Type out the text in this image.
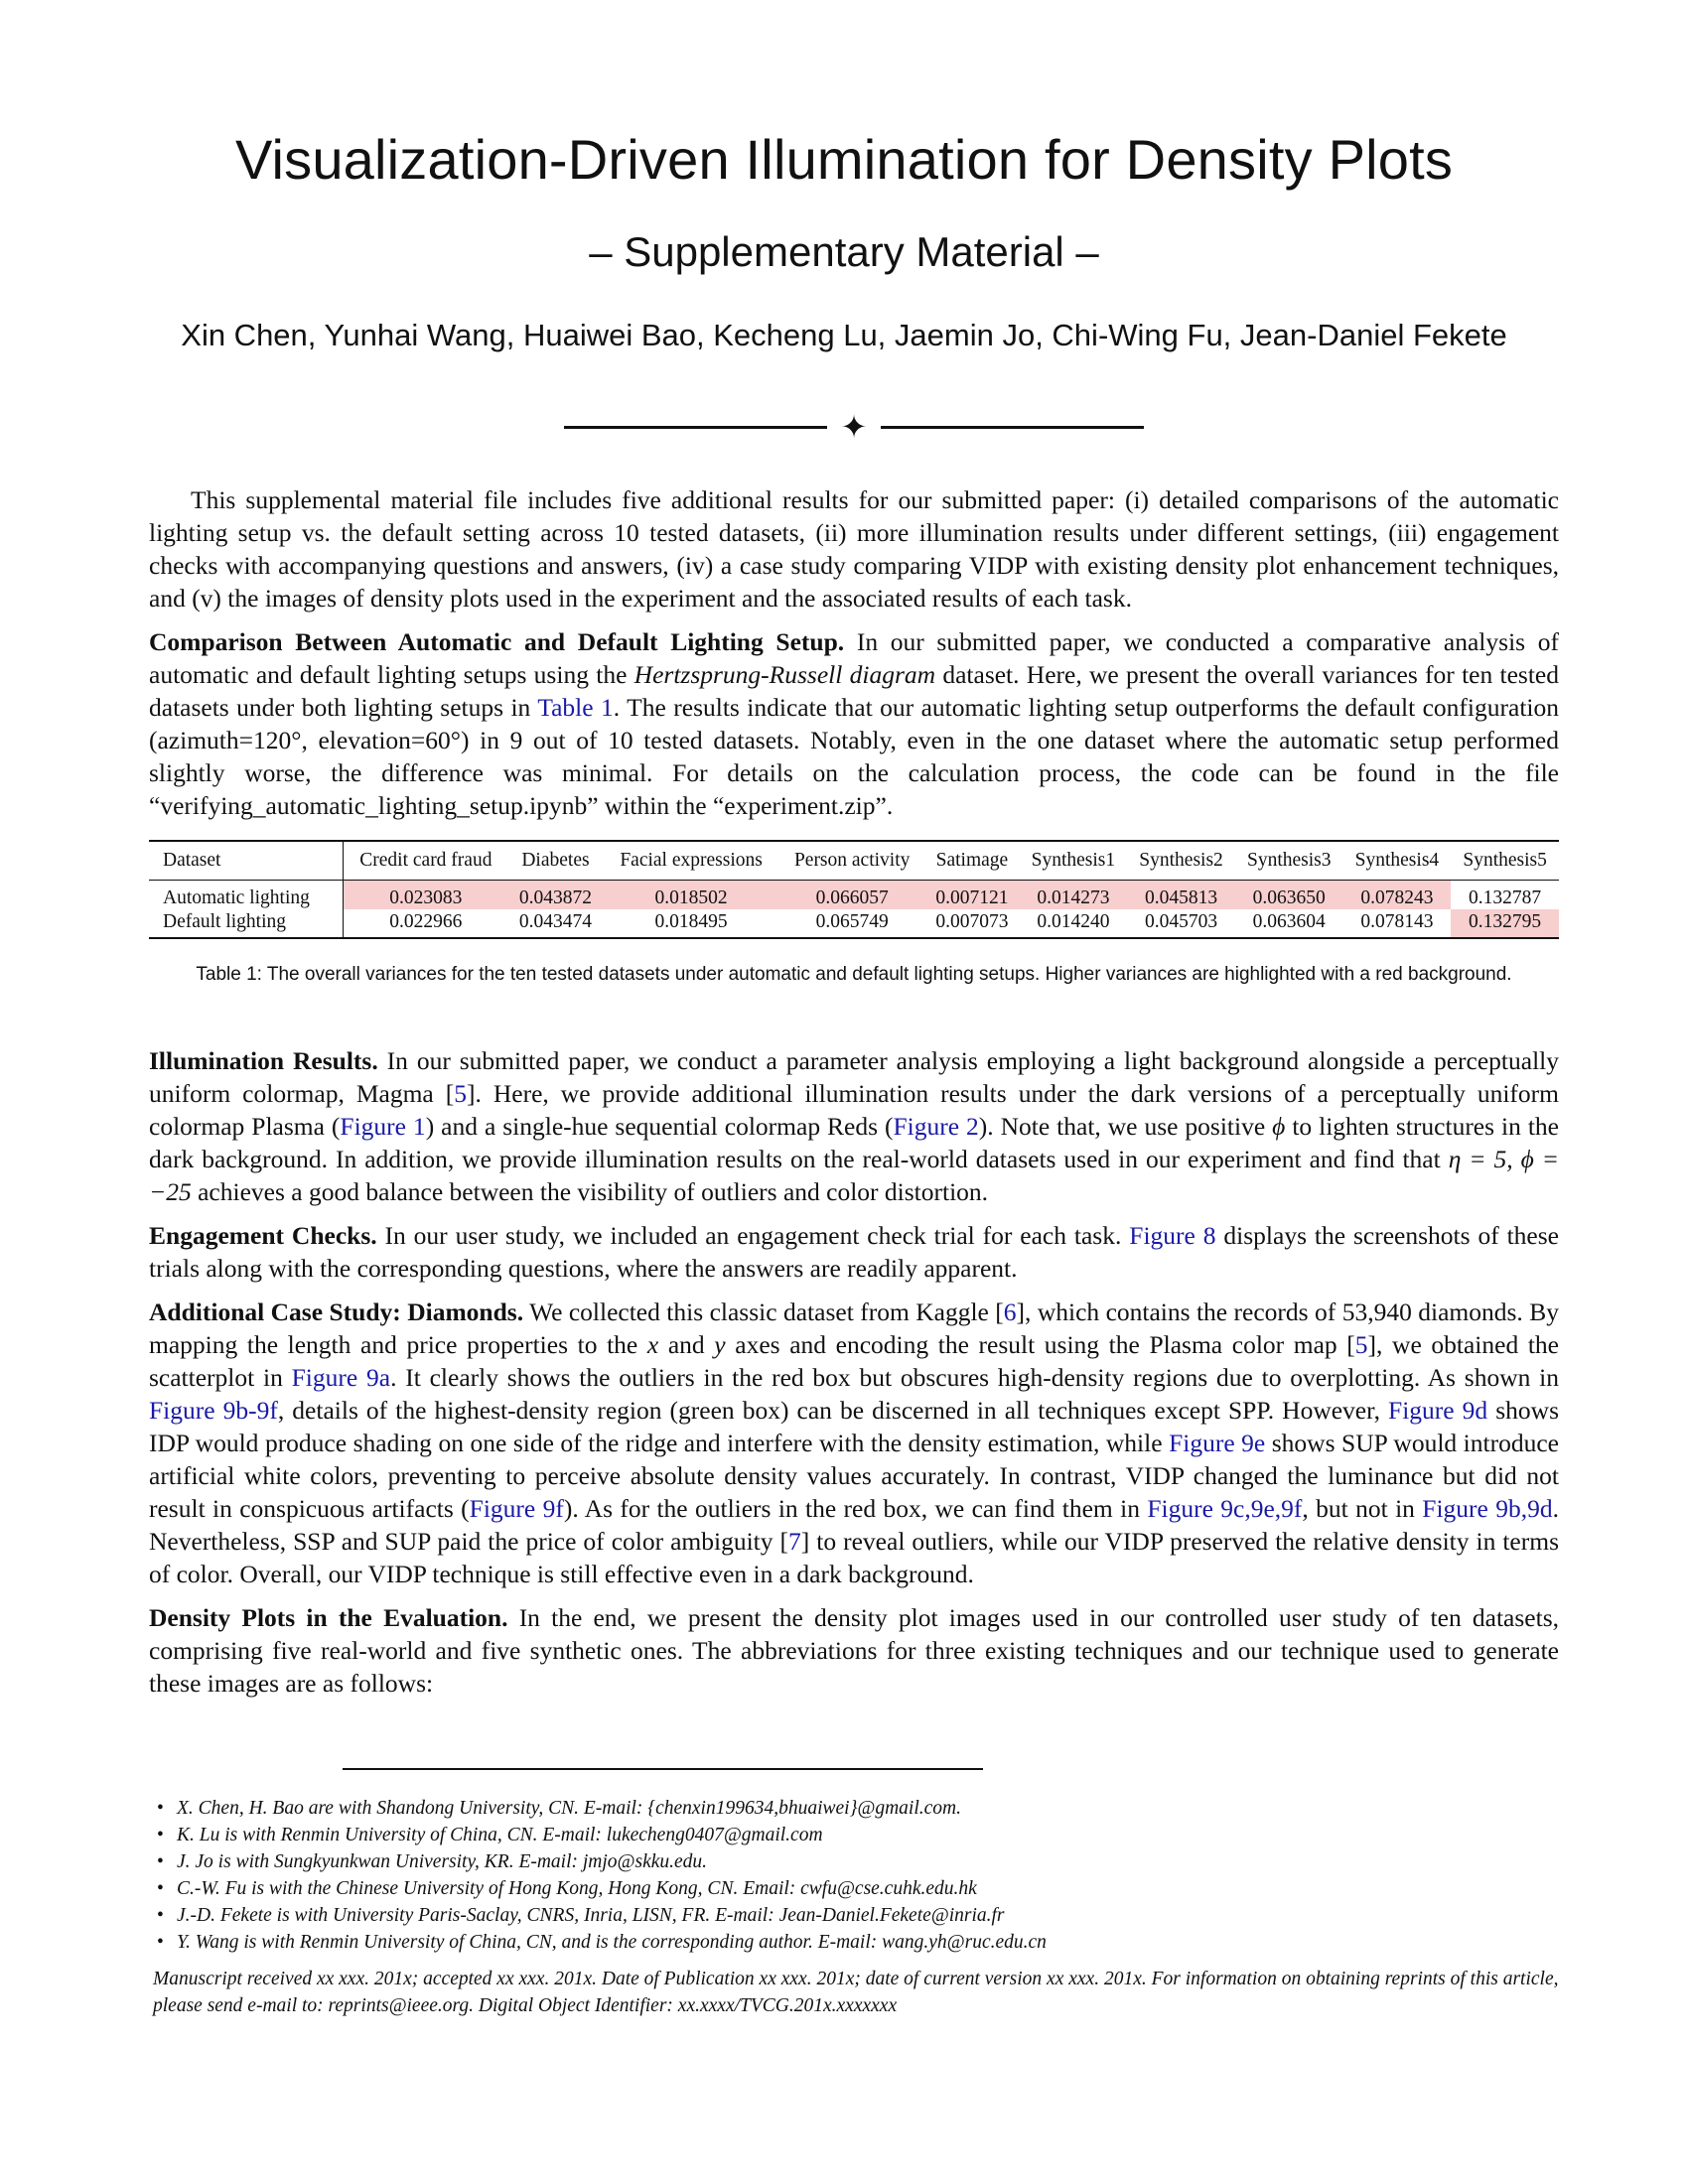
Visualization-Driven Illumination for Density Plots
– Supplementary Material –
Xin Chen, Yunhai Wang, Huaiwei Bao, Kecheng Lu, Jaemin Jo, Chi-Wing Fu, Jean-Daniel Fekete
✦

This supplemental material file includes five additional results for our submitted paper: (i) detailed comparisons of the automatic lighting setup vs. the default setting across 10 tested datasets, (ii) more illumination results under different settings, (iii) engagement checks with accompanying questions and answers, (iv) a case study comparing VIDP with existing density plot enhancement techniques, and (v) the images of density plots used in the experiment and the associated results of each task.

Comparison Between Automatic and Default Lighting Setup. In our submitted paper, we conducted a comparative analysis of automatic and default lighting setups using the Hertzsprung-Russell diagram dataset. Here, we present the overall variances for ten tested datasets under both lighting setups in Table 1. The results indicate that our automatic lighting setup outperforms the default configuration (azimuth=120°, elevation=60°) in 9 out of 10 tested datasets. Notably, even in the one dataset where the automatic setup performed slightly worse, the difference was minimal. For details on the calculation process, the code can be found in the file “verifying_automatic_lighting_setup.ipynb” within the “experiment.zip”.

Dataset	Credit card fraud	Diabetes	Facial expressions	Person activity	Satimage	Synthesis1	Synthesis2	Synthesis3	Synthesis4	Synthesis5
Automatic lighting	0.023083	0.043872	0.018502	0.066057	0.007121	0.014273	0.045813	0.063650	0.078243	0.132787
Default lighting	0.022966	0.043474	0.018495	0.065749	0.007073	0.014240	0.045703	0.063604	0.078143	0.132795
Table 1: The overall variances for the ten tested datasets under automatic and default lighting setups. Higher variances are highlighted with a red background.

Illumination Results. In our submitted paper, we conduct a parameter analysis employing a light background alongside a perceptually uniform colormap, Magma [5]. Here, we provide additional illumination results under the dark versions of a perceptually uniform colormap Plasma (Figure 1) and a single-hue sequential colormap Reds (Figure 2). Note that, we use positive ϕ to lighten structures in the dark background. In addition, we provide illumination results on the real-world datasets used in our experiment and find that η = 5, ϕ = −25 achieves a good balance between the visibility of outliers and color distortion.

Engagement Checks. In our user study, we included an engagement check trial for each task. Figure 8 displays the screenshots of these trials along with the corresponding questions, where the answers are readily apparent.

Additional Case Study: Diamonds. We collected this classic dataset from Kaggle [6], which contains the records of 53,940 diamonds. By mapping the length and price properties to the x and y axes and encoding the result using the Plasma color map [5], we obtained the scatterplot in Figure 9a. It clearly shows the outliers in the red box but obscures high-density regions due to overplotting. As shown in Figure 9b-9f, details of the highest-density region (green box) can be discerned in all techniques except SPP. However, Figure 9d shows IDP would produce shading on one side of the ridge and interfere with the density estimation, while Figure 9e shows SUP would introduce artificial white colors, preventing to perceive absolute density values accurately. In contrast, VIDP changed the luminance but did not result in conspicuous artifacts (Figure 9f). As for the outliers in the red box, we can find them in Figure 9c,9e,9f, but not in Figure 9b,9d. Nevertheless, SSP and SUP paid the price of color ambiguity [7] to reveal outliers, while our VIDP preserved the relative density in terms of color. Overall, our VIDP technique is still effective even in a dark background.

Density Plots in the Evaluation. In the end, we present the density plot images used in our controlled user study of ten datasets, comprising five real-world and five synthetic ones. The abbreviations for three existing techniques and our technique used to generate these images are as follows:

• X. Chen, H. Bao are with Shandong University, CN. E-mail: {chenxin199634,bhuaiwei}@gmail.com.
• K. Lu is with Renmin University of China, CN. E-mail: lukecheng0407@gmail.com
• J. Jo is with Sungkyunkwan University, KR. E-mail: jmjo@skku.edu.
• C.-W. Fu is with the Chinese University of Hong Kong, Hong Kong, CN. Email: cwfu@cse.cuhk.edu.hk
• J.-D. Fekete is with University Paris-Saclay, CNRS, Inria, LISN, FR. E-mail: Jean-Daniel.Fekete@inria.fr
• Y. Wang is with Renmin University of China, CN, and is the corresponding author. E-mail: wang.yh@ruc.edu.cn
Manuscript received xx xxx. 201x; accepted xx xxx. 201x. Date of Publication xx xxx. 201x; date of current version xx xxx. 201x. For information on obtaining reprints of this article, please send e-mail to: reprints@ieee.org. Digital Object Identifier: xx.xxxx/TVCG.201x.xxxxxxx
